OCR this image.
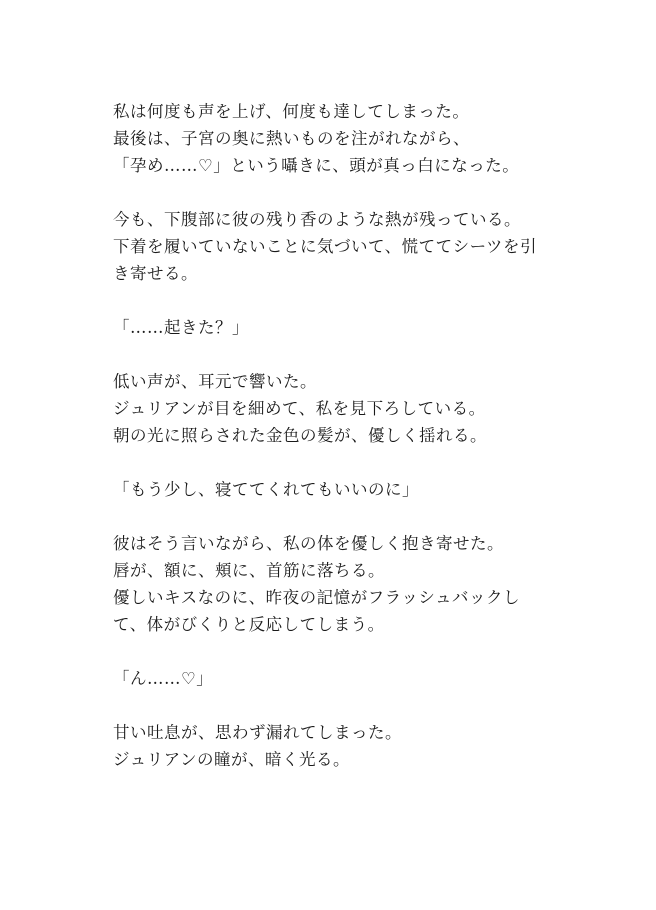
私は何度も声を上げ、何度も達してしまった。
最後は、子宮の奥に熱いものを注がれながら、
「孕め……♡」という囁きに、頭が真っ白になった。
今も、下腹部に彼の残り香のような熱が残っている。
下着を履いていないことに気づいて、慌ててシーツを引
き寄せる。
「……起きた？」
低い声が、耳元で響いた。
ジュリアンが目を細めて、私を見下ろしている。
朝の光に照らされた金色の髪が、優しく揺れる。
「もう少し、寝ててくれてもいいのに」
彼はそう言いながら、私の体を優しく抱き寄せた。
唇が、額に、頬に、首筋に落ちる。
優しいキスなのに、昨夜の記憶がフラッシュバックし
て、体がびくりと反応してしまう。
「ん……♡」
甘い吐息が、思わず漏れてしまった。
ジュリアンの瞳が、暗く光る。
